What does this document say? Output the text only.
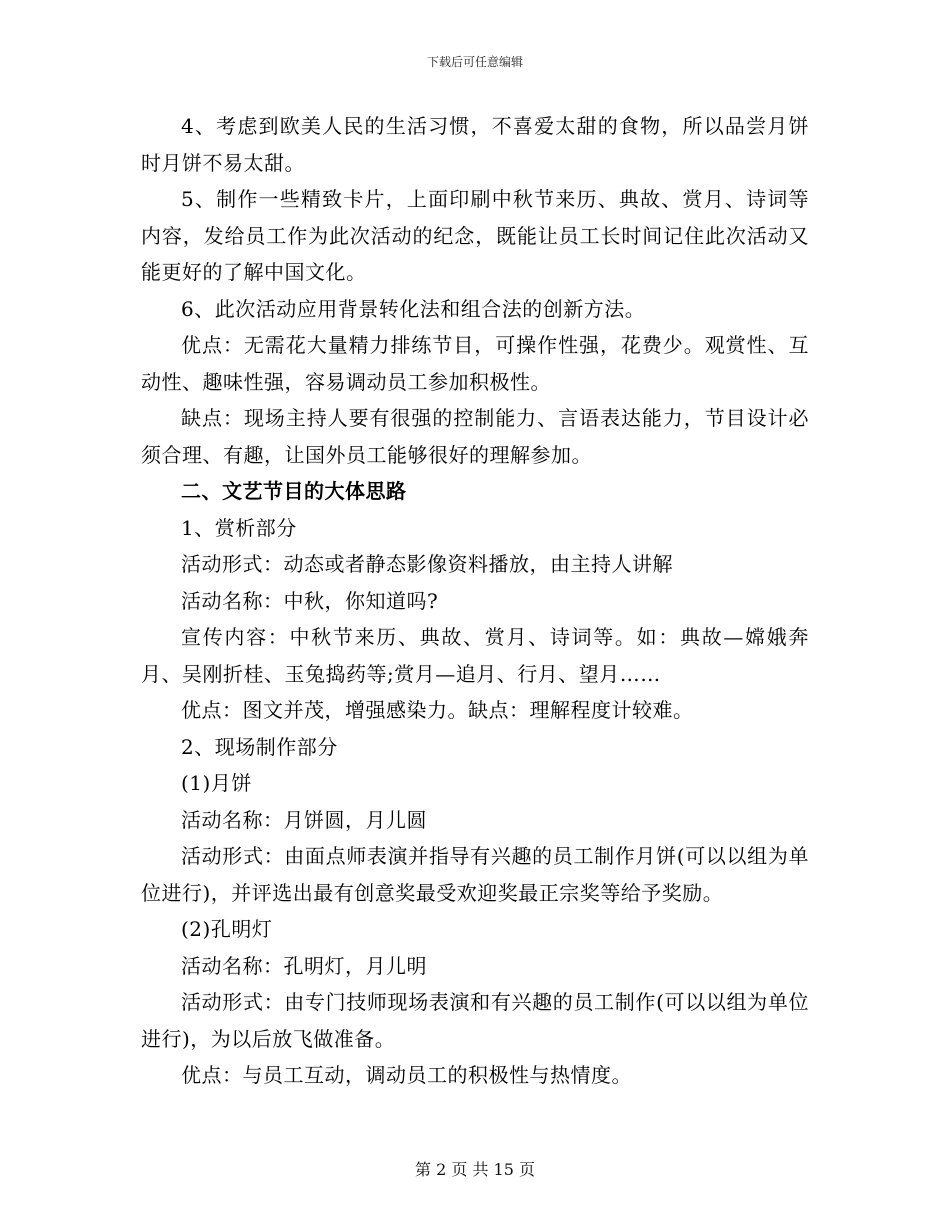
下载后可任意编辑

4、考虑到欧美人民的生活习惯，不喜爱太甜的食物，所以品尝月饼时月饼不易太甜。

5、制作一些精致卡片，上面印刷中秋节来历、典故、赏月、诗词等内容，发给员工作为此次活动的纪念，既能让员工长时间记住此次活动又能更好的了解中国文化。

6、此次活动应用背景转化法和组合法的创新方法。

优点：无需花大量精力排练节目，可操作性强，花费少。观赏性、互动性、趣味性强，容易调动员工参加积极性。

缺点：现场主持人要有很强的控制能力、言语表达能力，节目设计必须合理、有趣，让国外员工能够很好的理解参加。

二、文艺节目的大体思路

1、赏析部分

活动形式：动态或者静态影像资料播放，由主持人讲解

活动名称：中秋，你知道吗?

宣传内容：中秋节来历、典故、赏月、诗词等。如：典故—嫦娥奔月、吴刚折桂、玉兔捣药等;赏月—追月、行月、望月……

优点：图文并茂，增强感染力。缺点：理解程度计较难。

2、现场制作部分

(1)月饼

活动名称：月饼圆，月儿圆

活动形式：由面点师表演并指导有兴趣的员工制作月饼(可以以组为单位进行)，并评选出最有创意奖最受欢迎奖最正宗奖等给予奖励。

(2)孔明灯

活动名称：孔明灯，月儿明

活动形式：由专门技师现场表演和有兴趣的员工制作(可以以组为单位进行)，为以后放飞做准备。

优点：与员工互动，调动员工的积极性与热情度。

第 2 页 共 15 页
